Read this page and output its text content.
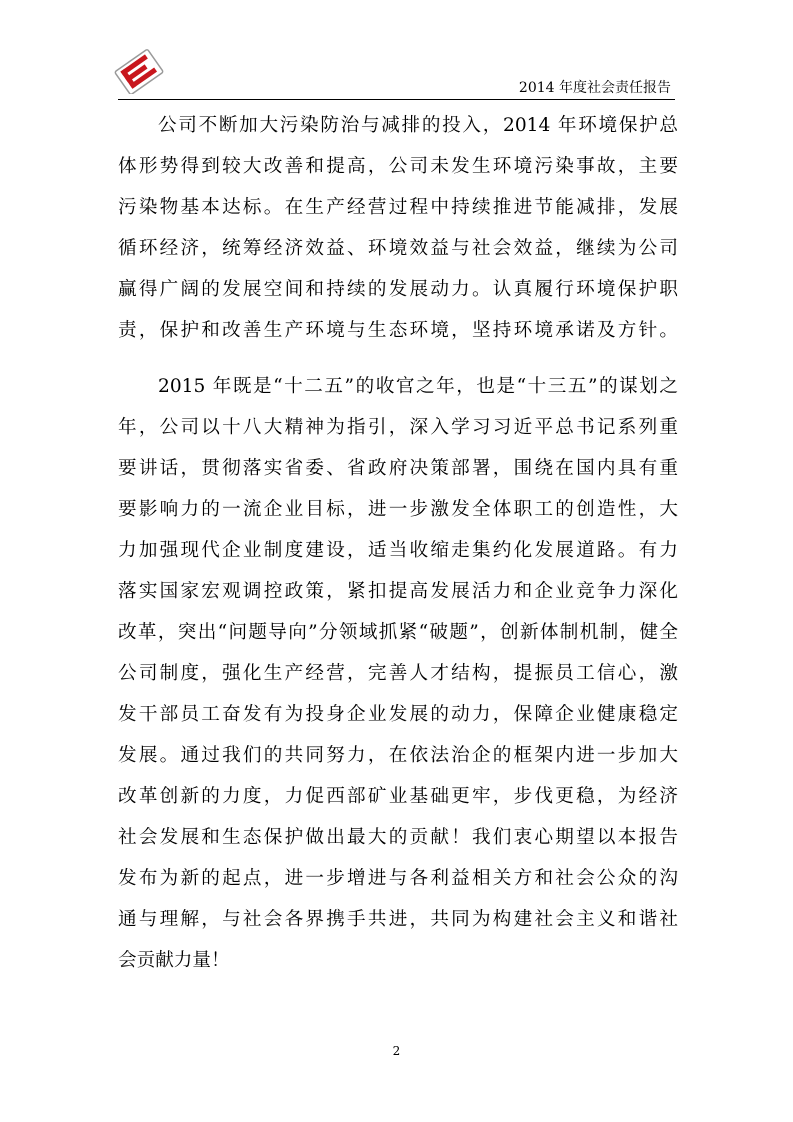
2014 年度社会责任报告
公司不断加大污染防治与减排的投入，2014 年环境保护总
体形势得到较大改善和提高，公司未发生环境污染事故，主要
污染物基本达标。在生产经营过程中持续推进节能减排，发展
循环经济，统筹经济效益、环境效益与社会效益，继续为公司
赢得广阔的发展空间和持续的发展动力。认真履行环境保护职
责，保护和改善生产环境与生态环境，坚持环境承诺及方针。
2015 年既是“十二五”的收官之年，也是“十三五”的谋划之
年，公司以十八大精神为指引，深入学习习近平总书记系列重
要讲话，贯彻落实省委、省政府决策部署，围绕在国内具有重
要影响力的一流企业目标，进一步激发全体职工的创造性，大
力加强现代企业制度建设，适当收缩走集约化发展道路。有力
落实国家宏观调控政策，紧扣提高发展活力和企业竞争力深化
改革，突出“问题导向”分领域抓紧“破题”，创新体制机制，健全
公司制度，强化生产经营，完善人才结构，提振员工信心，激
发干部员工奋发有为投身企业发展的动力，保障企业健康稳定
发展。通过我们的共同努力，在依法治企的框架内进一步加大
改革创新的力度，力促西部矿业基础更牢，步伐更稳，为经济
社会发展和生态保护做出最大的贡献！我们衷心期望以本报告
发布为新的起点，进一步增进与各利益相关方和社会公众的沟
通与理解，与社会各界携手共进，共同为构建社会主义和谐社
会贡献力量！
2
